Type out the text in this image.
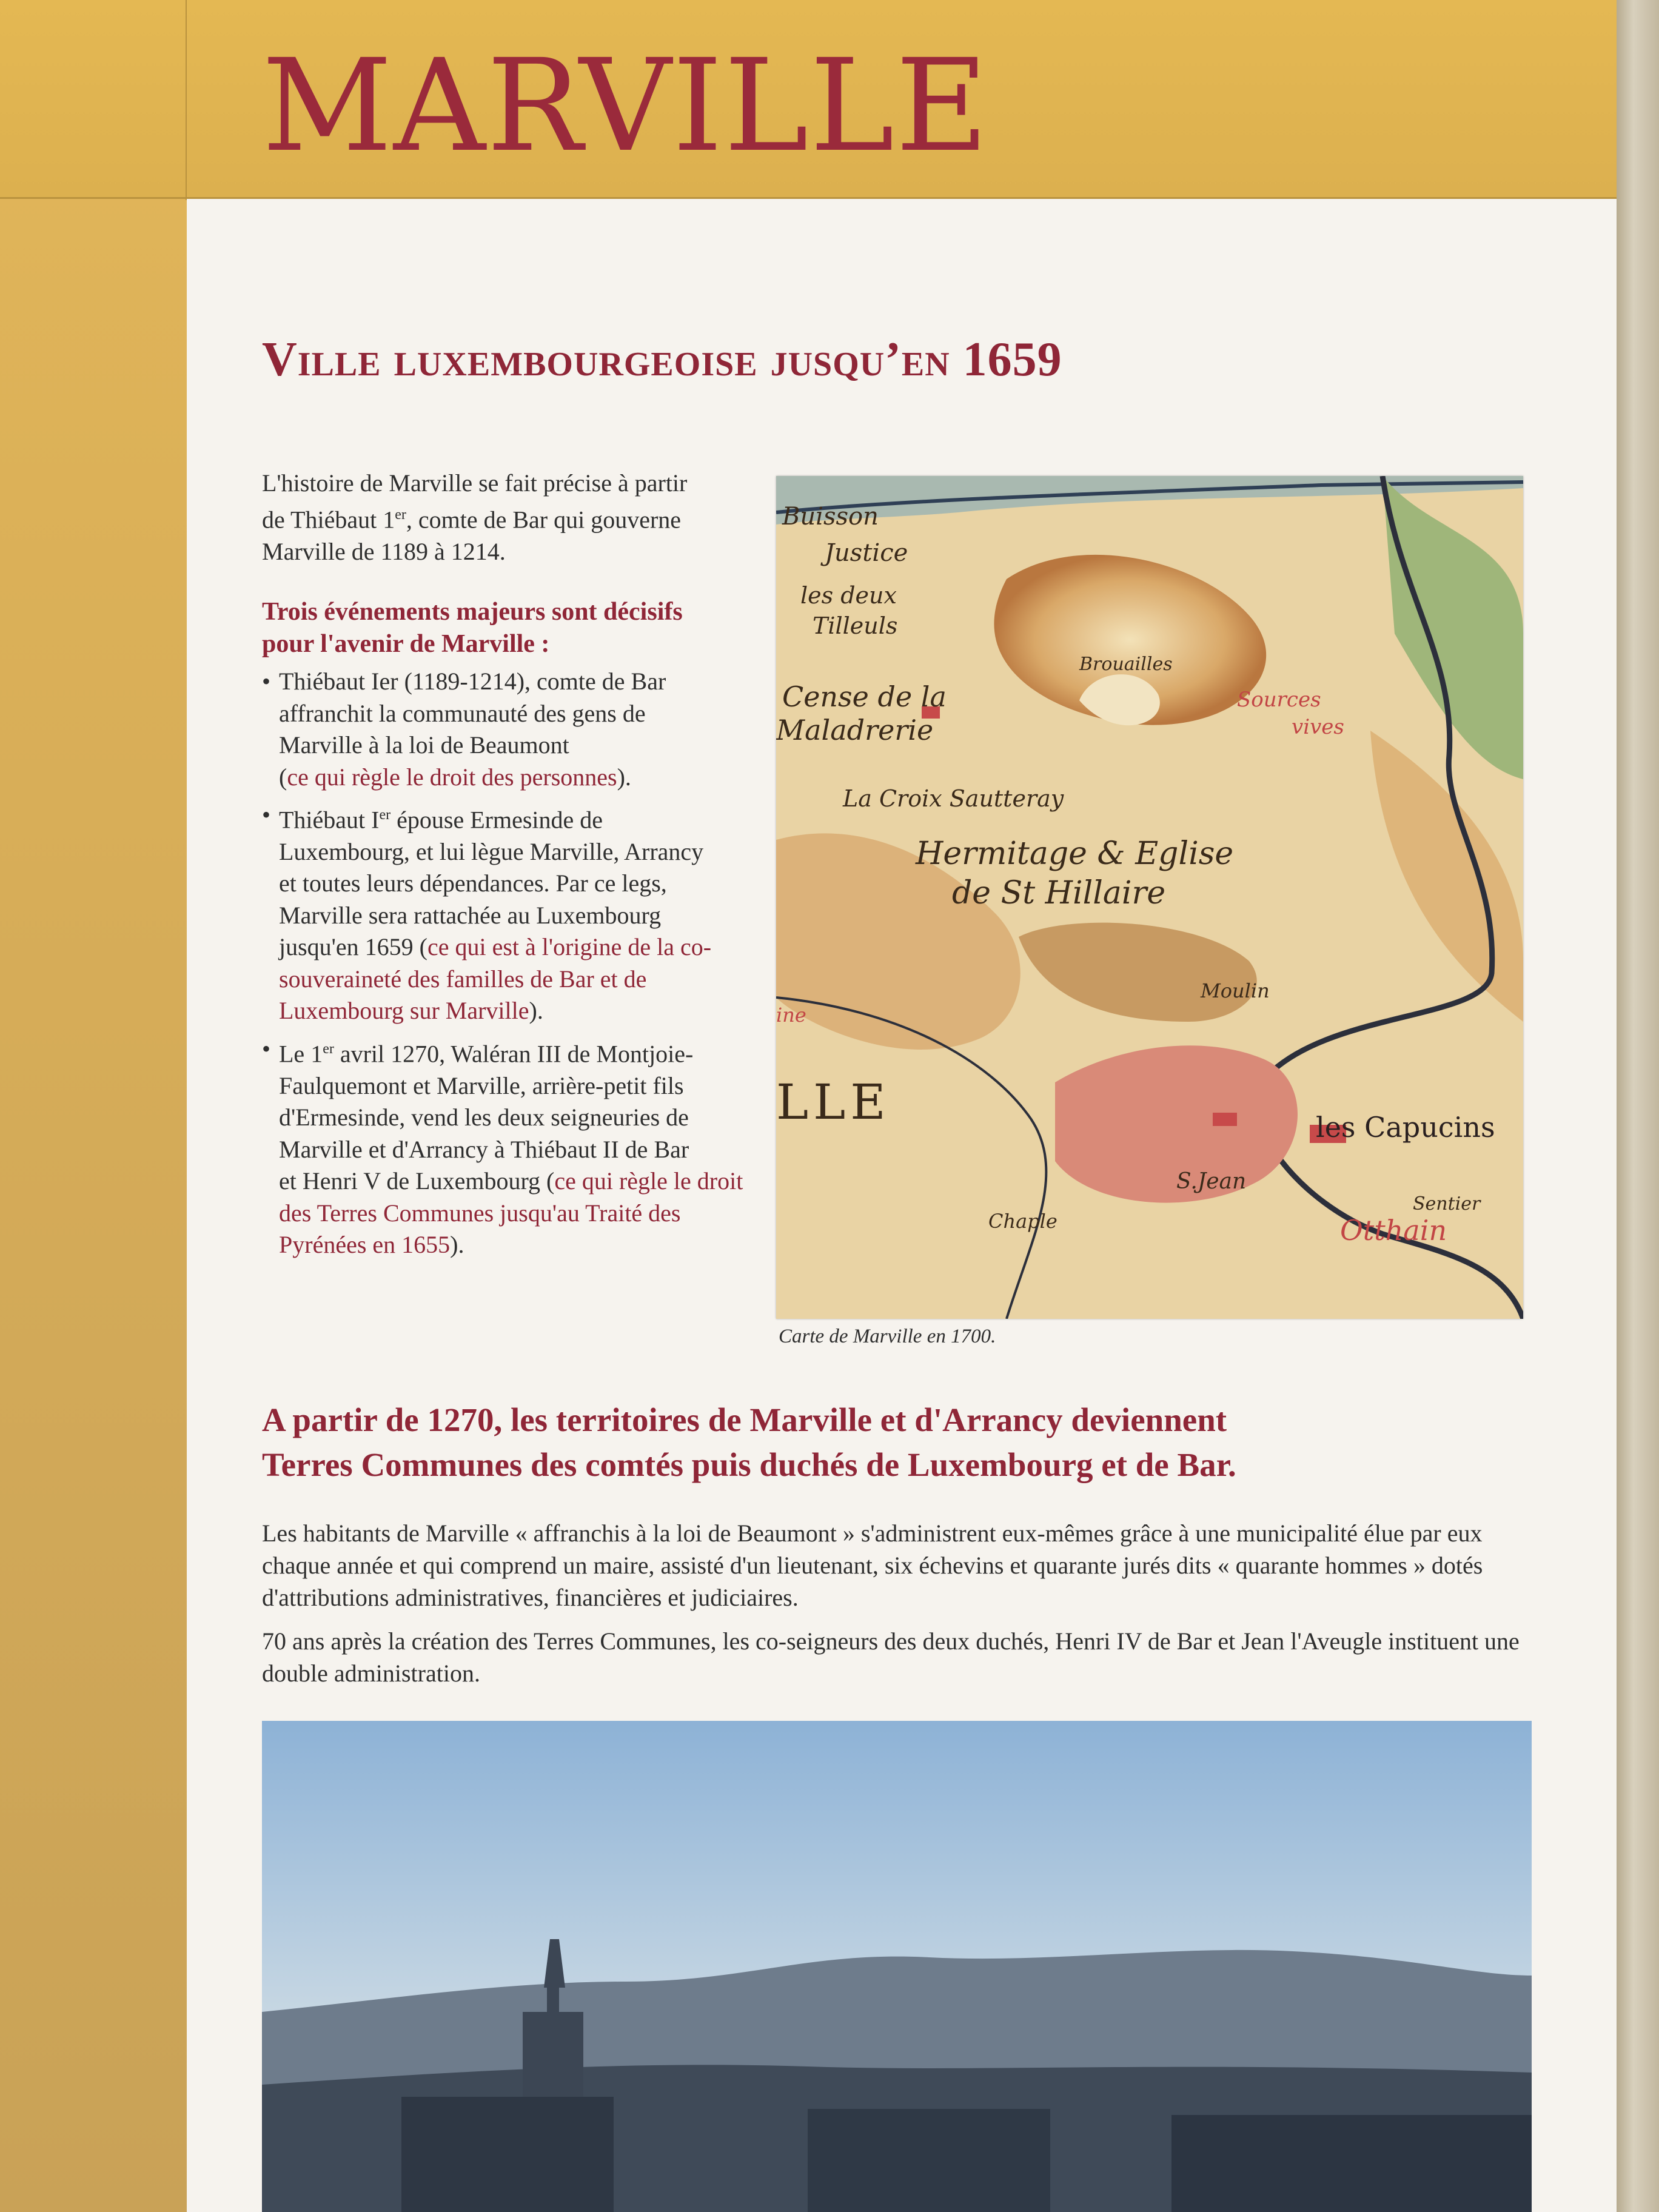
MARVILLE
Ville luxembourgeoise jusqu’en 1659
L'histoire de Marville se fait précise à partir
de Thiébaut 1er, comte de Bar qui gouverne
Marville de 1189 à 1214.
Trois événements majeurs sont décisifs
pour l'avenir de Marville :
• Thiébaut Ier (1189-1214), comte de Bar
affranchit la communauté des gens de
Marville à la loi de Beaumont
(ce qui règle le droit des personnes).
• Thiébaut Ier épouse Ermesinde de
Luxembourg, et lui lègue Marville, Arrancy
et toutes leurs dépendances. Par ce legs,
Marville sera rattachée au Luxembourg
jusqu'en 1659 (ce qui est à l'origine de la co-souveraineté des familles de Bar et de Luxembourg sur Marville).
• Le 1er avril 1270, Waléran III de Montjoie-
Faulquemont et Marville, arrière-petit fils
d'Ermesinde, vend les deux seigneuries de
Marville et d'Arrancy à Thiébaut II de Bar
et Henri V de Luxembourg (ce qui règle le droit des Terres Communes jusqu'au Traité des Pyrénées en 1655).
Buisson
Justice
les deux
Tilleuls
Brouailles
Cense de la
Maladrerie
Sources
vives
La Croix Sautteray
Hermitage & Eglise
de St Hillaire
Moulin
ine
LLE	les Capucins
S.Jean
Chaple
Sentier
Otthain
Carte de Marville en 1700.
A partir de 1270, les territoires de Marville et d'Arrancy deviennent
Terres Communes des comtés puis duchés de Luxembourg et de Bar.
Les habitants de Marville « affranchis à la loi de Beaumont » s'administrent eux-mêmes grâce à une municipalité élue par eux chaque année et qui comprend un maire, assisté d'un lieutenant, six échevins et quarante jurés dits « quarante hommes » dotés d'attributions administratives, financières et judiciaires.
70 ans après la création des Terres Communes, les co-seigneurs des deux duchés, Henri IV de Bar et Jean l'Aveugle instituent une double administration.
